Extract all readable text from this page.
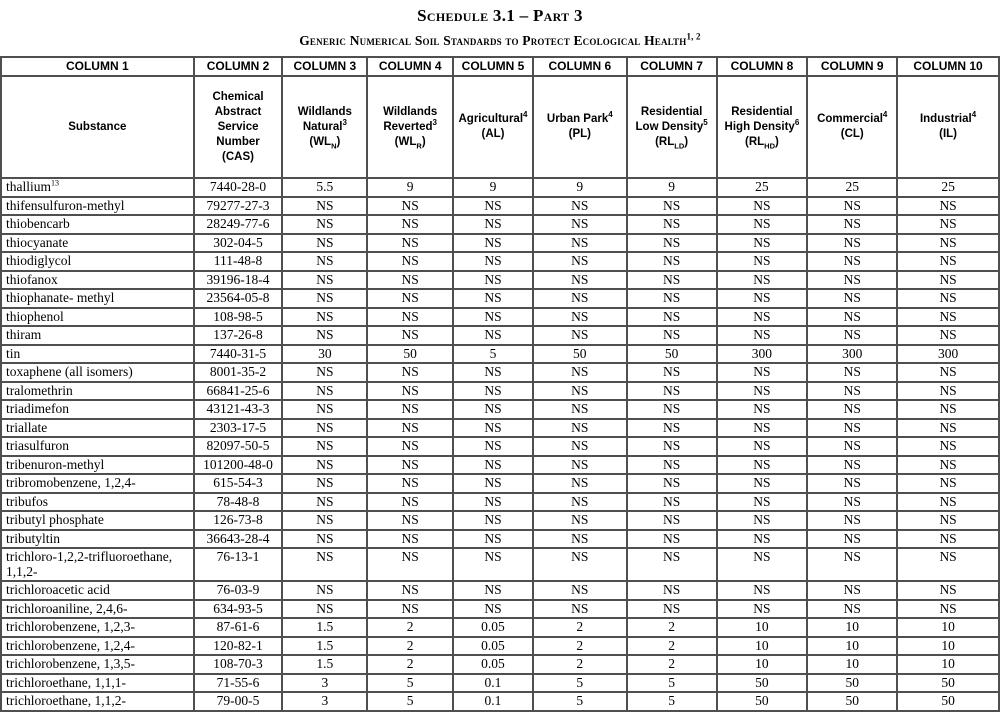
Schedule 3.1 – Part 3
Generic Numerical Soil Standards to Protect Ecological Health$^{1, 2}$
COLUMN 1	COLUMN 2	COLUMN 3	COLUMN 4	COLUMN 5	COLUMN 6	COLUMN 7	COLUMN 8	COLUMN 9	COLUMN 10
Substance	Chemical
Abstract
Service
Number
(CAS)	Wildlands
Natural$^3$
$(WL_N)$	Wildlands
Reverted$^3$
$(WL_R)$	Agricultural$^4$
(AL)	Urban Park$^4$
(PL)	Residential
Low Density$^5$
$(RL_{LD})$	Residential
High Density$^6$
$(RL_{HD})$	Commercial$^4$
(CL)	Industrial$^4$
(IL)
thallium$^{13}$	7440-28-0	5.5	9	9	9	9	25	25	25
thifensulfuron-methyl	79277-27-3	NS	NS	NS	NS	NS	NS	NS	NS
thiobencarb	28249-77-6	NS	NS	NS	NS	NS	NS	NS	NS
thiocyanate	302-04-5	NS	NS	NS	NS	NS	NS	NS	NS
thiodiglycol	111-48-8	NS	NS	NS	NS	NS	NS	NS	NS
thiofanox	39196-18-4	NS	NS	NS	NS	NS	NS	NS	NS
thiophanate- methyl	23564-05-8	NS	NS	NS	NS	NS	NS	NS	NS
thiophenol	108-98-5	NS	NS	NS	NS	NS	NS	NS	NS
thiram	137-26-8	NS	NS	NS	NS	NS	NS	NS	NS
tin	7440-31-5	30	50	5	50	50	300	300	300
toxaphene (all isomers)	8001-35-2	NS	NS	NS	NS	NS	NS	NS	NS
tralomethrin	66841-25-6	NS	NS	NS	NS	NS	NS	NS	NS
triadimefon	43121-43-3	NS	NS	NS	NS	NS	NS	NS	NS
triallate	2303-17-5	NS	NS	NS	NS	NS	NS	NS	NS
triasulfuron	82097-50-5	NS	NS	NS	NS	NS	NS	NS	NS
tribenuron-methyl	101200-48-0	NS	NS	NS	NS	NS	NS	NS	NS
tribromobenzene, 1,2,4-	615-54-3	NS	NS	NS	NS	NS	NS	NS	NS
tribufos	78-48-8	NS	NS	NS	NS	NS	NS	NS	NS
tributyl phosphate	126-73-8	NS	NS	NS	NS	NS	NS	NS	NS
tributyltin	36643-28-4	NS	NS	NS	NS	NS	NS	NS	NS
trichloro-1,2,2-trifluoroethane,
1,1,2-	76-13-1	NS	NS	NS	NS	NS	NS	NS	NS
trichloroacetic acid	76-03-9	NS	NS	NS	NS	NS	NS	NS	NS
trichloroaniline, 2,4,6-	634-93-5	NS	NS	NS	NS	NS	NS	NS	NS
trichlorobenzene, 1,2,3-	87-61-6	1.5	2	0.05	2	2	10	10	10
trichlorobenzene, 1,2,4-	120-82-1	1.5	2	0.05	2	2	10	10	10
trichlorobenzene, 1,3,5-	108-70-3	1.5	2	0.05	2	2	10	10	10
trichloroethane, 1,1,1-	71-55-6	3	5	0.1	5	5	50	50	50
trichloroethane, 1,1,2-	79-00-5	3	5	0.1	5	5	50	50	50
